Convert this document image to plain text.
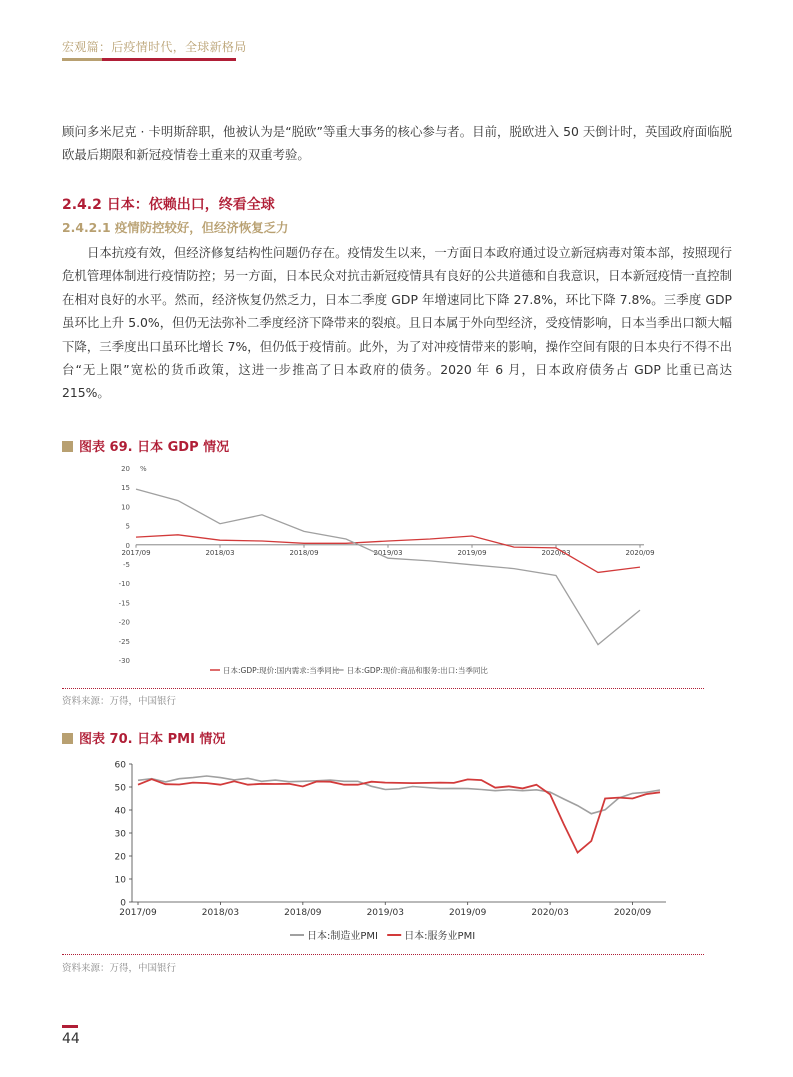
宏观篇：后疫情时代，全球新格局

顾问多米尼克 · 卡明斯辞职，他被认为是“脱欧”等重大事务的核心参与者。目前，脱欧进入 50 天倒计时，英国政府面临脱欧最后期限和新冠疫情卷土重来的双重考验。

2.4.2 日本：依赖出口，终看全球
2.4.2.1 疫情防控较好，但经济恢复乏力

日本抗疫有效，但经济修复结构性问题仍存在。疫情发生以来，一方面日本政府通过设立新冠病毒对策本部，按照现行危机管理体制进行疫情防控；另一方面，日本民众对抗击新冠疫情具有良好的公共道德和自我意识，日本新冠疫情一直控制在相对良好的水平。然而，经济恢复仍然乏力，日本二季度 GDP 年增速同比下降 27.8%，环比下降 7.8%。三季度 GDP 虽环比上升 5.0%，但仍无法弥补二季度经济下降带来的裂痕。且日本属于外向型经济，受疫情影响，日本当季出口额大幅下降，三季度出口虽环比增长 7%，但仍低于疫情前。此外，为了对冲疫情带来的影响，操作空间有限的日本央行不得不出台“无上限”宽松的货币政策，这进一步推高了日本政府的债务。2020 年 6 月，日本政府债务占 GDP 比重已高达 215%。

图表 69. 日本 GDP 情况
20
15
10
5
0
-5
-10
-15
-20
-25
-30
%
2017/09	2018/03	2018/09	2019/03	2019/09	2020/03	2020/09
日本:GDP:现价:国内需求:当季同比 日本:GDP:现价:商品和服务:出口:当季同比
资料来源：万得，中国银行
图表 70. 日本 PMI 情况
60
50
40
30
20
10
0
2017/09	2018/03	2018/09	2019/03	2019/09	2020/03	2020/09
日本:制造业PMI	日本:服务业PMI
资料来源：万得，中国银行
44
